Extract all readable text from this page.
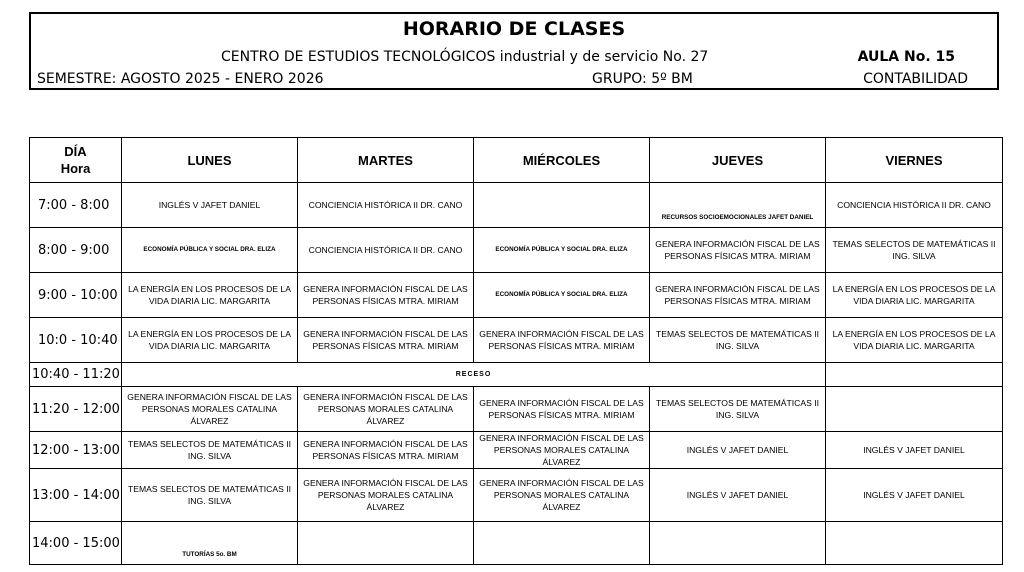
HORARIO DE CLASES
CENTRO DE ESTUDIOS TECNOLÓGICOS industrial y de servicio No. 27	AULA No. 15
SEMESTRE: AGOSTO 2025 - ENERO 2026	GRUPO: 5º BM	CONTABILIDAD
DÍA
Hora	LUNES	MARTES	MIÉRCOLES	JUEVES	VIERNES
7:00 - 8:00	INGLÉS V JAFET DANIEL	CONCIENCIA HISTÓRICA II DR. CANO		RECURSOS SOCIOEMOCIONALES JAFET DANIEL	CONCIENCIA HISTÓRICA II DR. CANO
8:00 - 9:00	ECONOMÍA PÚBLICA Y SOCIAL DRA. ELIZA	CONCIENCIA HISTÓRICA II DR. CANO	ECONOMÍA PÚBLICA Y SOCIAL DRA. ELIZA	GENERA INFORMACIÓN FISCAL DE LAS PERSONAS FÍSICAS MTRA. MIRIAM	TEMAS SELECTOS DE MATEMÁTICAS II ING. SILVA
9:00 - 10:00	LA ENERGÍA EN LOS PROCESOS DE LA VIDA DIARIA LIC. MARGARITA	GENERA INFORMACIÓN FISCAL DE LAS PERSONAS FÍSICAS MTRA. MIRIAM	ECONOMÍA PÚBLICA Y SOCIAL DRA. ELIZA	GENERA INFORMACIÓN FISCAL DE LAS PERSONAS FÍSICAS MTRA. MIRIAM	LA ENERGÍA EN LOS PROCESOS DE LA VIDA DIARIA LIC. MARGARITA
10:0 - 10:40	LA ENERGÍA EN LOS PROCESOS DE LA VIDA DIARIA LIC. MARGARITA	GENERA INFORMACIÓN FISCAL DE LAS PERSONAS FÍSICAS MTRA. MIRIAM	GENERA INFORMACIÓN FISCAL DE LAS PERSONAS FÍSICAS MTRA. MIRIAM	TEMAS SELECTOS DE MATEMÁTICAS II ING. SILVA	LA ENERGÍA EN LOS PROCESOS DE LA VIDA DIARIA LIC. MARGARITA
10:40 - 11:20	RECESO				
11:20 - 12:00	GENERA INFORMACIÓN FISCAL DE LAS PERSONAS MORALES CATALINA ÁLVAREZ	GENERA INFORMACIÓN FISCAL DE LAS PERSONAS MORALES CATALINA ÁLVAREZ	GENERA INFORMACIÓN FISCAL DE LAS PERSONAS FÍSICAS MTRA. MIRIAM	TEMAS SELECTOS DE MATEMÁTICAS II ING. SILVA	
12:00 - 13:00	TEMAS SELECTOS DE MATEMÁTICAS II ING. SILVA	GENERA INFORMACIÓN FISCAL DE LAS PERSONAS FÍSICAS MTRA. MIRIAM	GENERA INFORMACIÓN FISCAL DE LAS PERSONAS MORALES CATALINA ÁLVAREZ	INGLÉS V JAFET DANIEL	INGLÉS V JAFET DANIEL
13:00 - 14:00	TEMAS SELECTOS DE MATEMÁTICAS II ING. SILVA	GENERA INFORMACIÓN FISCAL DE LAS PERSONAS MORALES CATALINA ÁLVAREZ	GENERA INFORMACIÓN FISCAL DE LAS PERSONAS MORALES CATALINA ÁLVAREZ	INGLÉS V JAFET DANIEL	INGLÉS V JAFET DANIEL
14:00 - 15:00	TUTORÍAS 5o. BM				
